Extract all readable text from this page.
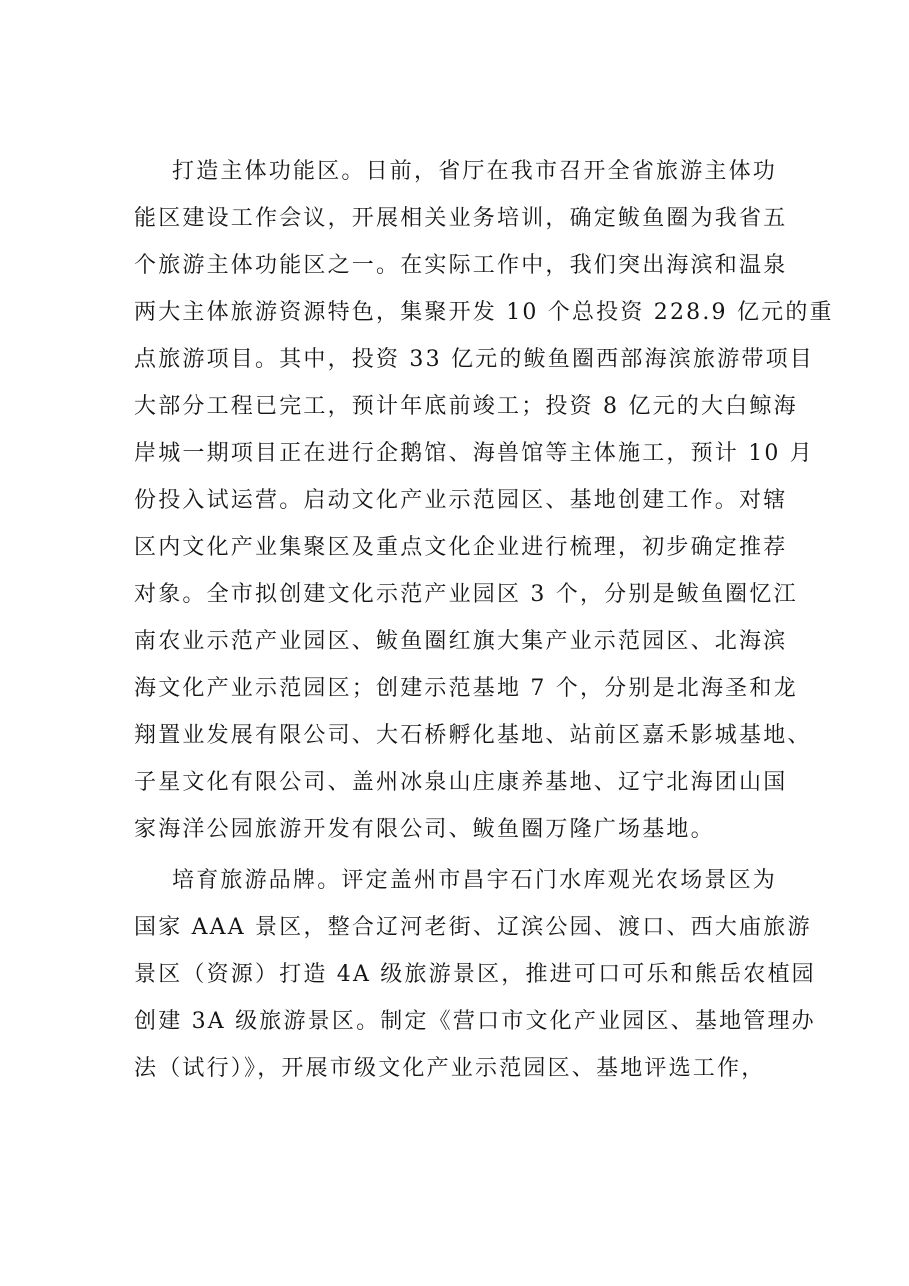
打造主体功能区。日前，省厅在我市召开全省旅游主体功
能区建设工作会议，开展相关业务培训，确定鲅鱼圈为我省五
个旅游主体功能区之一。在实际工作中，我们突出海滨和温泉
两大主体旅游资源特色，集聚开发 10 个总投资 228.9 亿元的重
点旅游项目。其中，投资 33 亿元的鲅鱼圈西部海滨旅游带项目
大部分工程已完工，预计年底前竣工；投资 8 亿元的大白鲸海
岸城一期项目正在进行企鹅馆、海兽馆等主体施工，预计 10 月
份投入试运营。启动文化产业示范园区、基地创建工作。对辖
区内文化产业集聚区及重点文化企业进行梳理，初步确定推荐
对象。全市拟创建文化示范产业园区 3 个，分别是鲅鱼圈忆江
南农业示范产业园区、鲅鱼圈红旗大集产业示范园区、北海滨
海文化产业示范园区；创建示范基地 7 个，分别是北海圣和龙
翔置业发展有限公司、大石桥孵化基地、站前区嘉禾影城基地、
子星文化有限公司、盖州冰泉山庄康养基地、辽宁北海团山国
家海洋公园旅游开发有限公司、鲅鱼圈万隆广场基地。
培育旅游品牌。评定盖州市昌宇石门水库观光农场景区为
国家 AAA 景区，整合辽河老街、辽滨公园、渡口、西大庙旅游
景区（资源）打造 4A 级旅游景区，推进可口可乐和熊岳农植园
创建 3A 级旅游景区。制定《营口市文化产业园区、基地管理办
法（试行）》，开展市级文化产业示范园区、基地评选工作，
